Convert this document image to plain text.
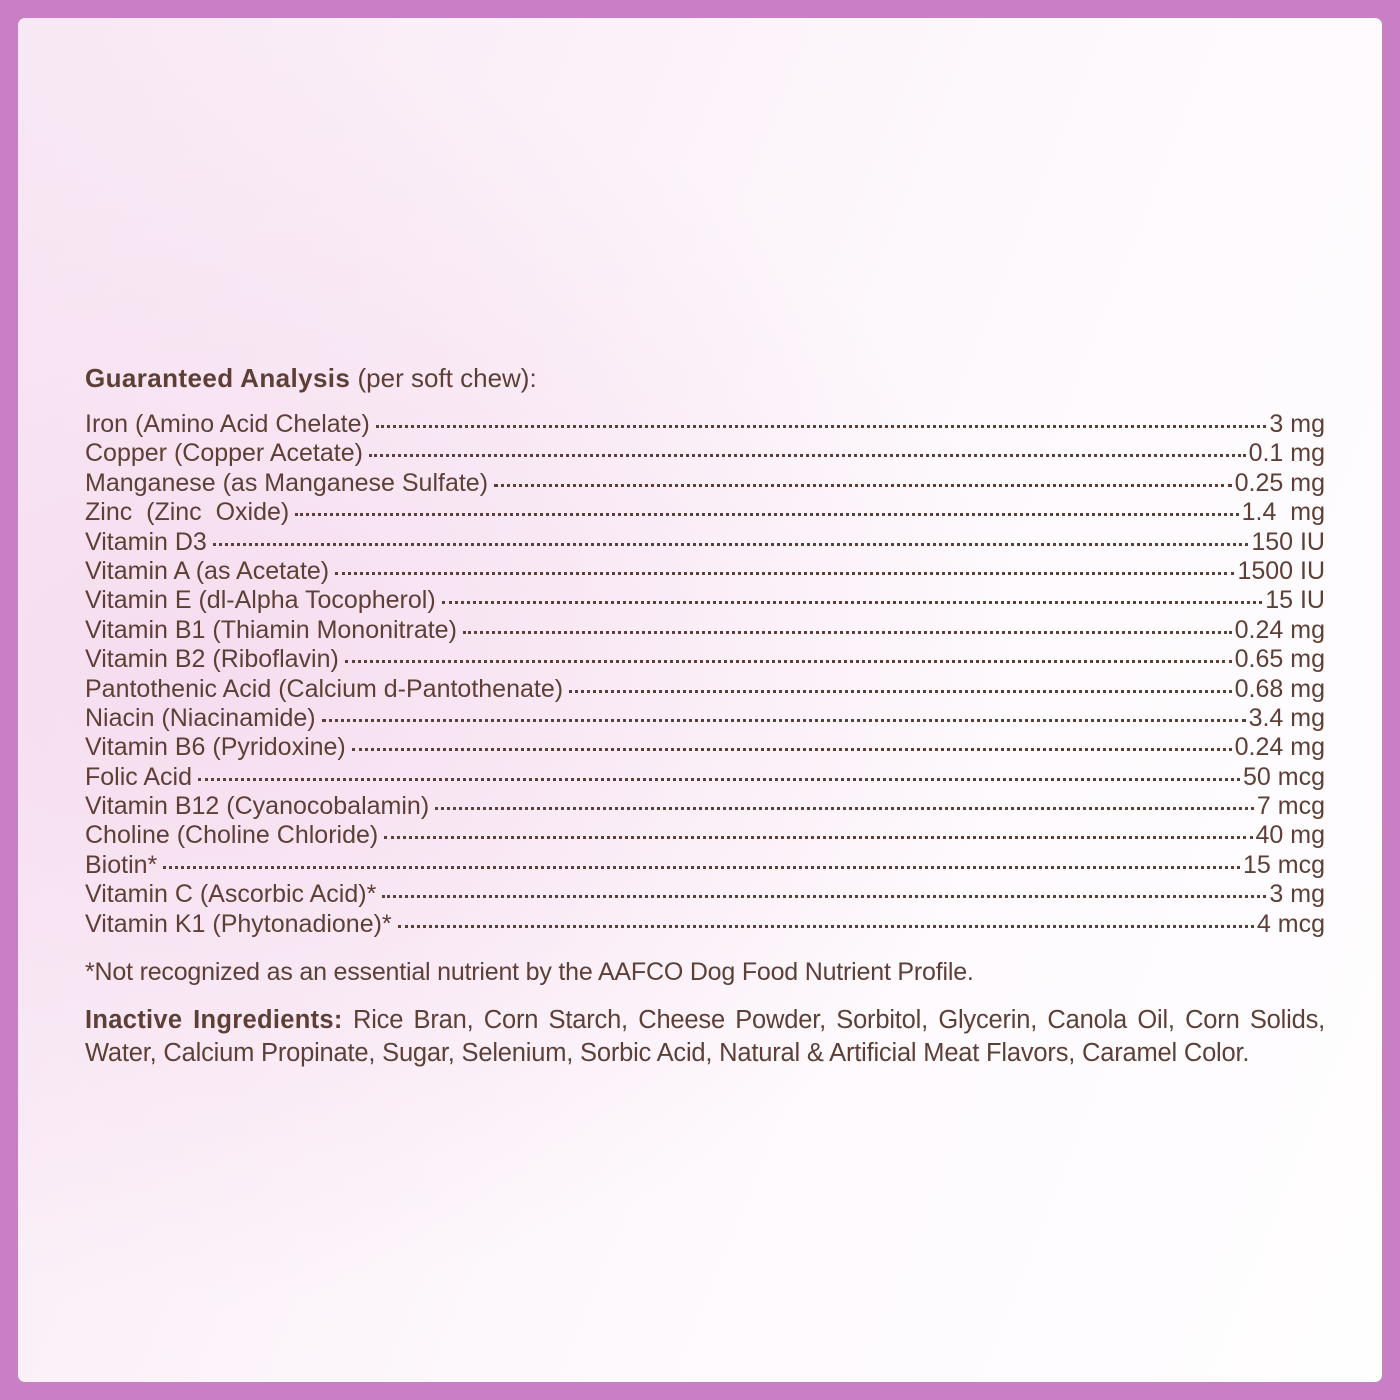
Guaranteed Analysis (per soft chew):
Iron (Amino Acid Chelate)	3 mg
Copper (Copper Acetate)	0.1 mg
Manganese (as Manganese Sulfate)	0.25 mg
Zinc  (Zinc  Oxide)	1.4  mg
Vitamin D3	150 IU
Vitamin A (as Acetate)	1500 IU
Vitamin E (dl-Alpha Tocopherol)	15 IU
Vitamin B1 (Thiamin Mononitrate)	0.24 mg
Vitamin B2 (Riboflavin)	0.65 mg
Pantothenic Acid (Calcium d-Pantothenate)	0.68 mg
Niacin (Niacinamide)	3.4 mg
Vitamin B6 (Pyridoxine)	0.24 mg
Folic Acid	50 mcg
Vitamin B12 (Cyanocobalamin)	7 mcg
Choline (Choline Chloride)	40 mg
Biotin*	15 mcg
Vitamin C (Ascorbic Acid)*	3 mg
Vitamin K1 (Phytonadione)*	4 mcg

*Not recognized as an essential nutrient by the AAFCO Dog Food Nutrient Profile.

Inactive Ingredients: Rice Bran, Corn Starch, Cheese Powder, Sorbitol, Glycerin, Canola Oil, Corn Solids, Water, Calcium Propinate, Sugar, Selenium, Sorbic Acid, Natural & Artificial Meat Flavors, Caramel Color.
